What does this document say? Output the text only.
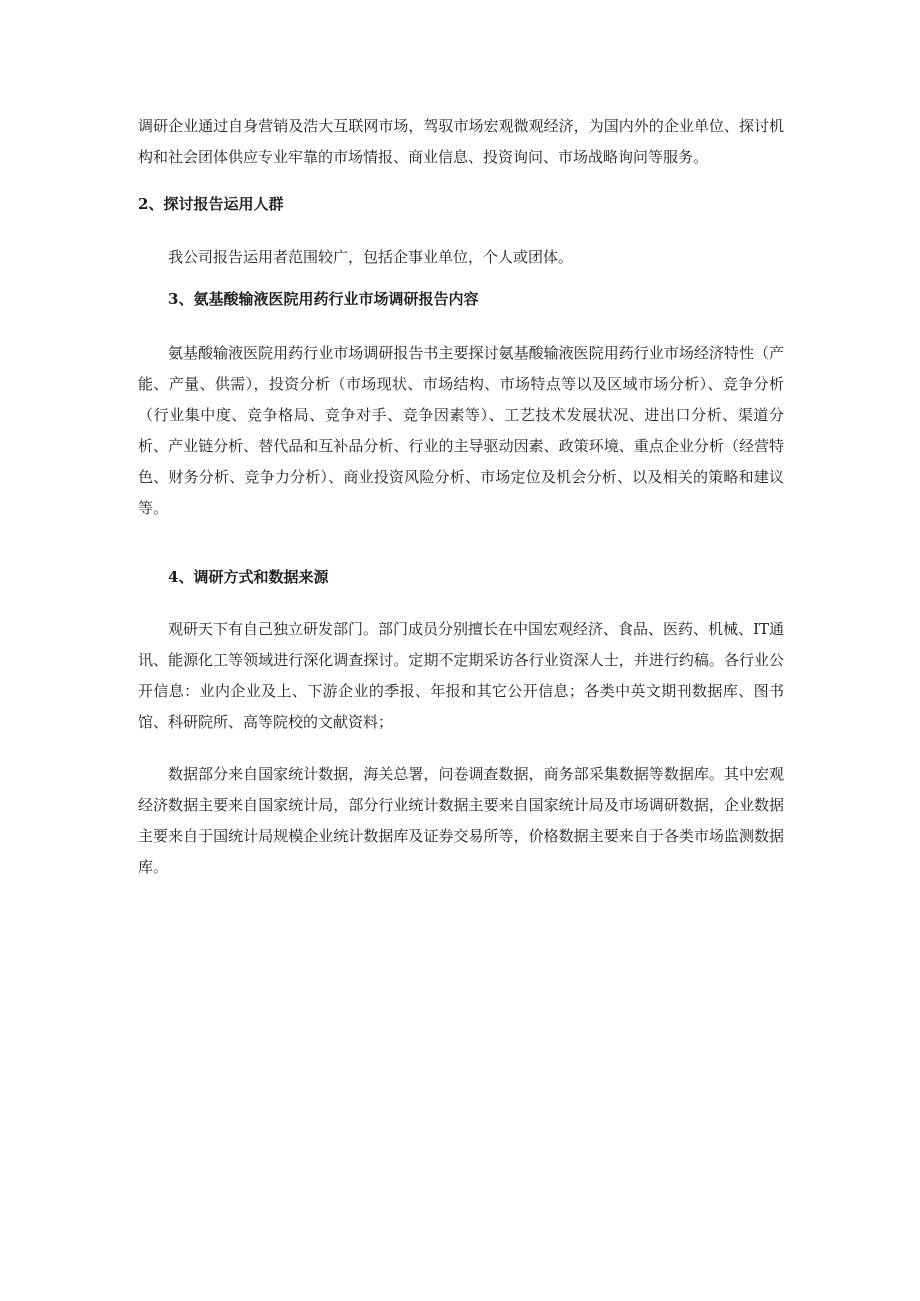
调研企业通过自身营销及浩大互联网市场，驾驭市场宏观微观经济，为国内外的企业单位、探讨机构和社会团体供应专业牢靠的市场情报、商业信息、投资询问、市场战略询问等服务。

2、探讨报告运用人群

我公司报告运用者范围较广，包括企事业单位，个人或团体。

3、氨基酸输液医院用药行业市场调研报告内容

氨基酸输液医院用药行业市场调研报告书主要探讨氨基酸输液医院用药行业市场经济特性（产能、产量、供需），投资分析（市场现状、市场结构、市场特点等以及区域市场分析）、竞争分析（行业集中度、竞争格局、竞争对手、竞争因素等）、工艺技术发展状况、进出口分析、渠道分析、产业链分析、替代品和互补品分析、行业的主导驱动因素、政策环境、重点企业分析（经营特色、财务分析、竞争力分析）、商业投资风险分析、市场定位及机会分析、以及相关的策略和建议等。

4、调研方式和数据来源

观研天下有自己独立研发部门。部门成员分别擅长在中国宏观经济、食品、医药、机械、IT通讯、能源化工等领域进行深化调查探讨。定期不定期采访各行业资深人士，并进行约稿。各行业公开信息：业内企业及上、下游企业的季报、年报和其它公开信息；各类中英文期刊数据库、图书馆、科研院所、高等院校的文献资料；

数据部分来自国家统计数据，海关总署，问卷调查数据，商务部采集数据等数据库。其中宏观经济数据主要来自国家统计局，部分行业统计数据主要来自国家统计局及市场调研数据，企业数据主要来自于国统计局规模企业统计数据库及证券交易所等，价格数据主要来自于各类市场监测数据库。
